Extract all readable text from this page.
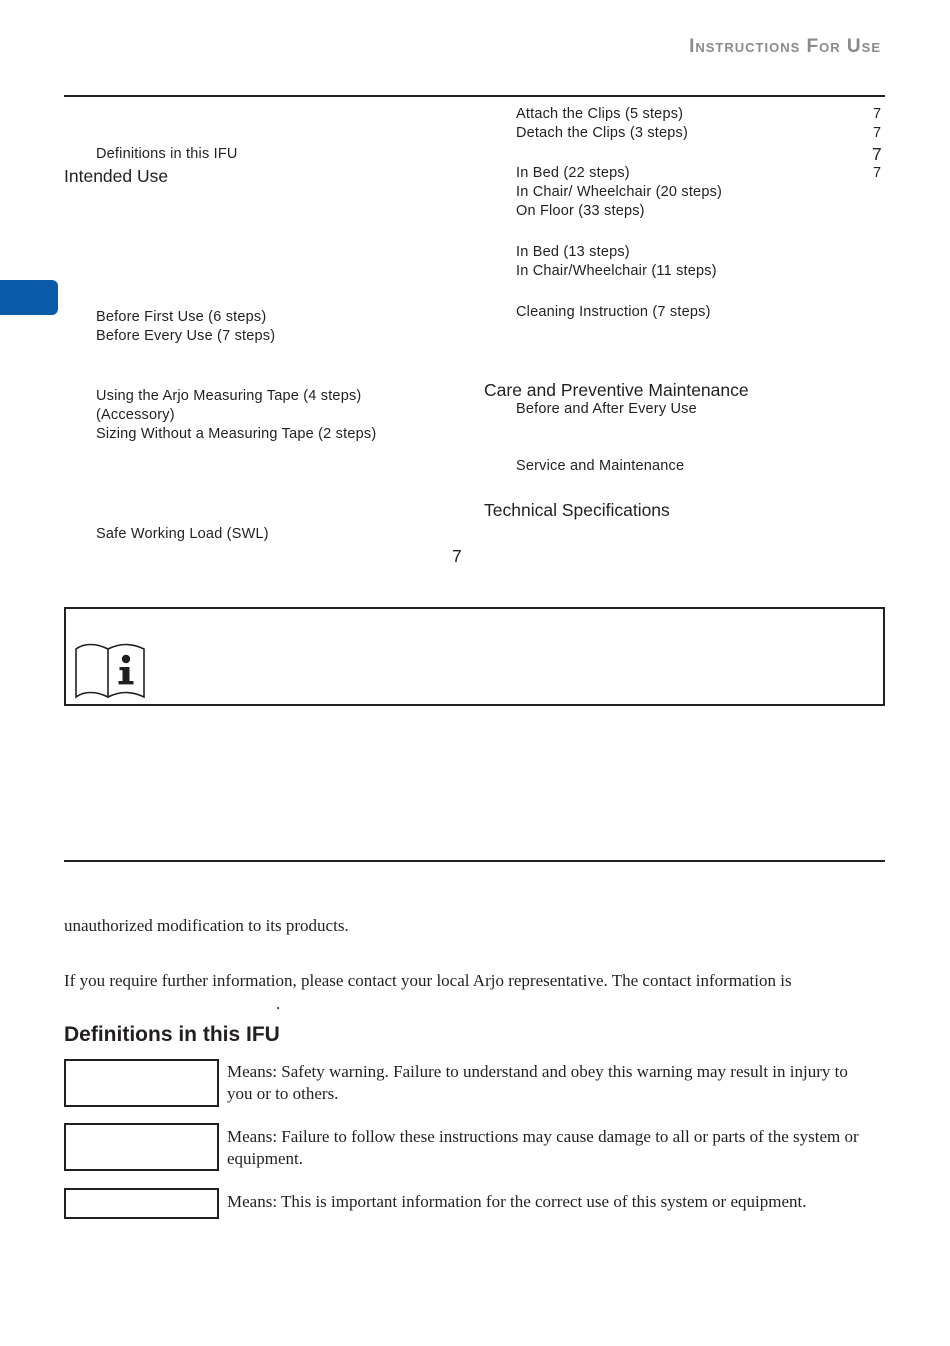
Instructions For Use
Definitions in this IFU
Intended Use
Before First Use (6 steps)
Before Every Use (7 steps)
Using the Arjo Measuring Tape (4 steps)
(Accessory)
Sizing Without a Measuring Tape (2 steps)
Safe Working Load (SWL)
7
Attach the Clips (5 steps)	7
Detach the Clips (3 steps)	7
7
In Bed (22 steps)	7
In Chair/ Wheelchair (20 steps)
On Floor (33 steps)
In Bed (13 steps)
In Chair/Wheelchair (11 steps)
Cleaning Instruction (7 steps)
Care and Preventive Maintenance
Before and After Every Use
Service and Maintenance
Technical Specifications
unauthorized modification to its products.
If you require further information, please contact your local Arjo representative. The contact information is
.
Definitions in this IFU
Means: Safety warning. Failure to understand and obey this warning may result in injury to you or to others.
Means: Failure to follow these instructions may cause damage to all or parts of the system or equipment.
Means: This is important information for the correct use of this system or equipment.
